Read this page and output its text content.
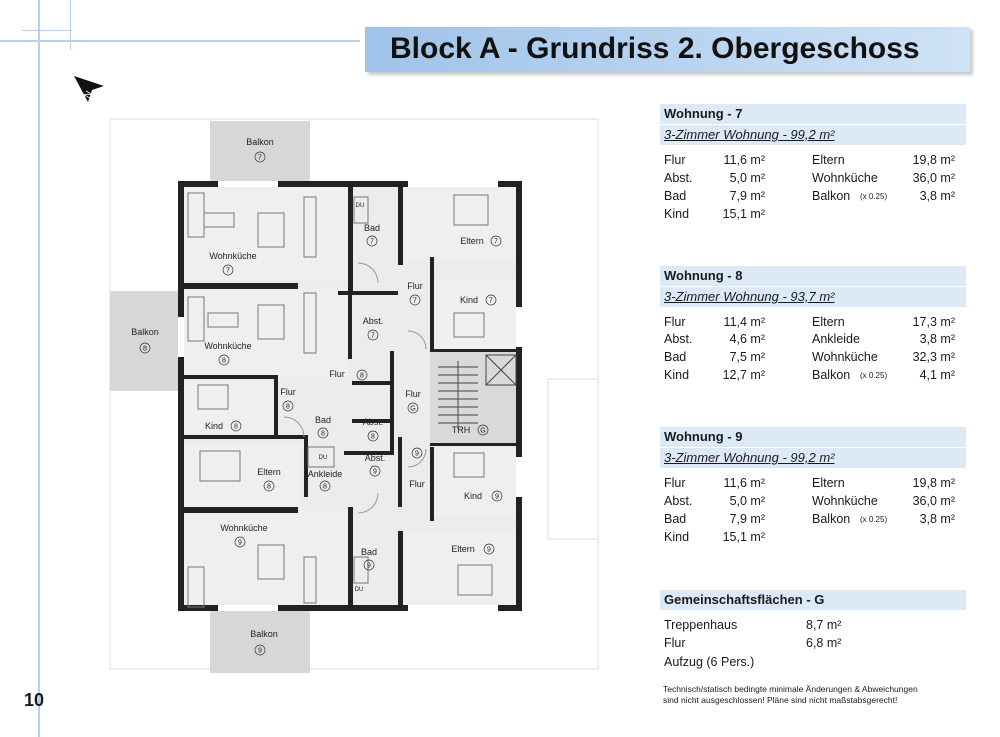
Block A - Grundriss 2. Obergeschoss
N
Balkon
Wohnküche
Bad
DU
Eltern
Flur
Kind
Abst.
Balkon
Wohnküche
Flur
Flur
Kind
Bad
DU
Abst.
Eltern	Ankleide
Flur
TRH
Abst.
Flur
Kind
Wohnküche
Bad
DU
Eltern
Balkon
7
7
7	7
7	7
7
8
8
8
8
8
8	8
8	8
G
G
9
9
9
9
9
9
9
Wohnung - 7
3-Zimmer Wohnung - 99,2 m²
Flur	11,6 m²	Eltern	19,8 m²
Abst.	5,0 m²	Wohnküche	36,0 m²
Bad	7,9 m²	Balkon (x 0.25)	3,8 m²
Kind	15,1 m²
Wohnung - 8
3-Zimmer Wohnung - 93,7 m²
Flur	11,4 m²	Eltern	17,3 m²
Abst.	4,6 m²	Ankleide	3,8 m²
Bad	7,5 m²	Wohnküche	32,3 m²
Kind	12,7 m²	Balkon (x 0.25)	4,1 m²
Wohnung - 9
3-Zimmer Wohnung - 99,2 m²
Flur	11,6 m²	Eltern	19,8 m²
Abst.	5,0 m²	Wohnküche	36,0 m²
Bad	7,9 m²	Balkon (x 0.25)	3,8 m²
Kind	15,1 m²
Gemeinschaftsflächen - G
Treppenhaus	8,7 m²
Flur	6,8 m²
Aufzug (6 Pers.)
Technisch/statisch bedingte minimale Änderungen & Abweichungen
sind nicht ausgeschlossen! Pläne sind nicht maßstabsgerecht!
10
